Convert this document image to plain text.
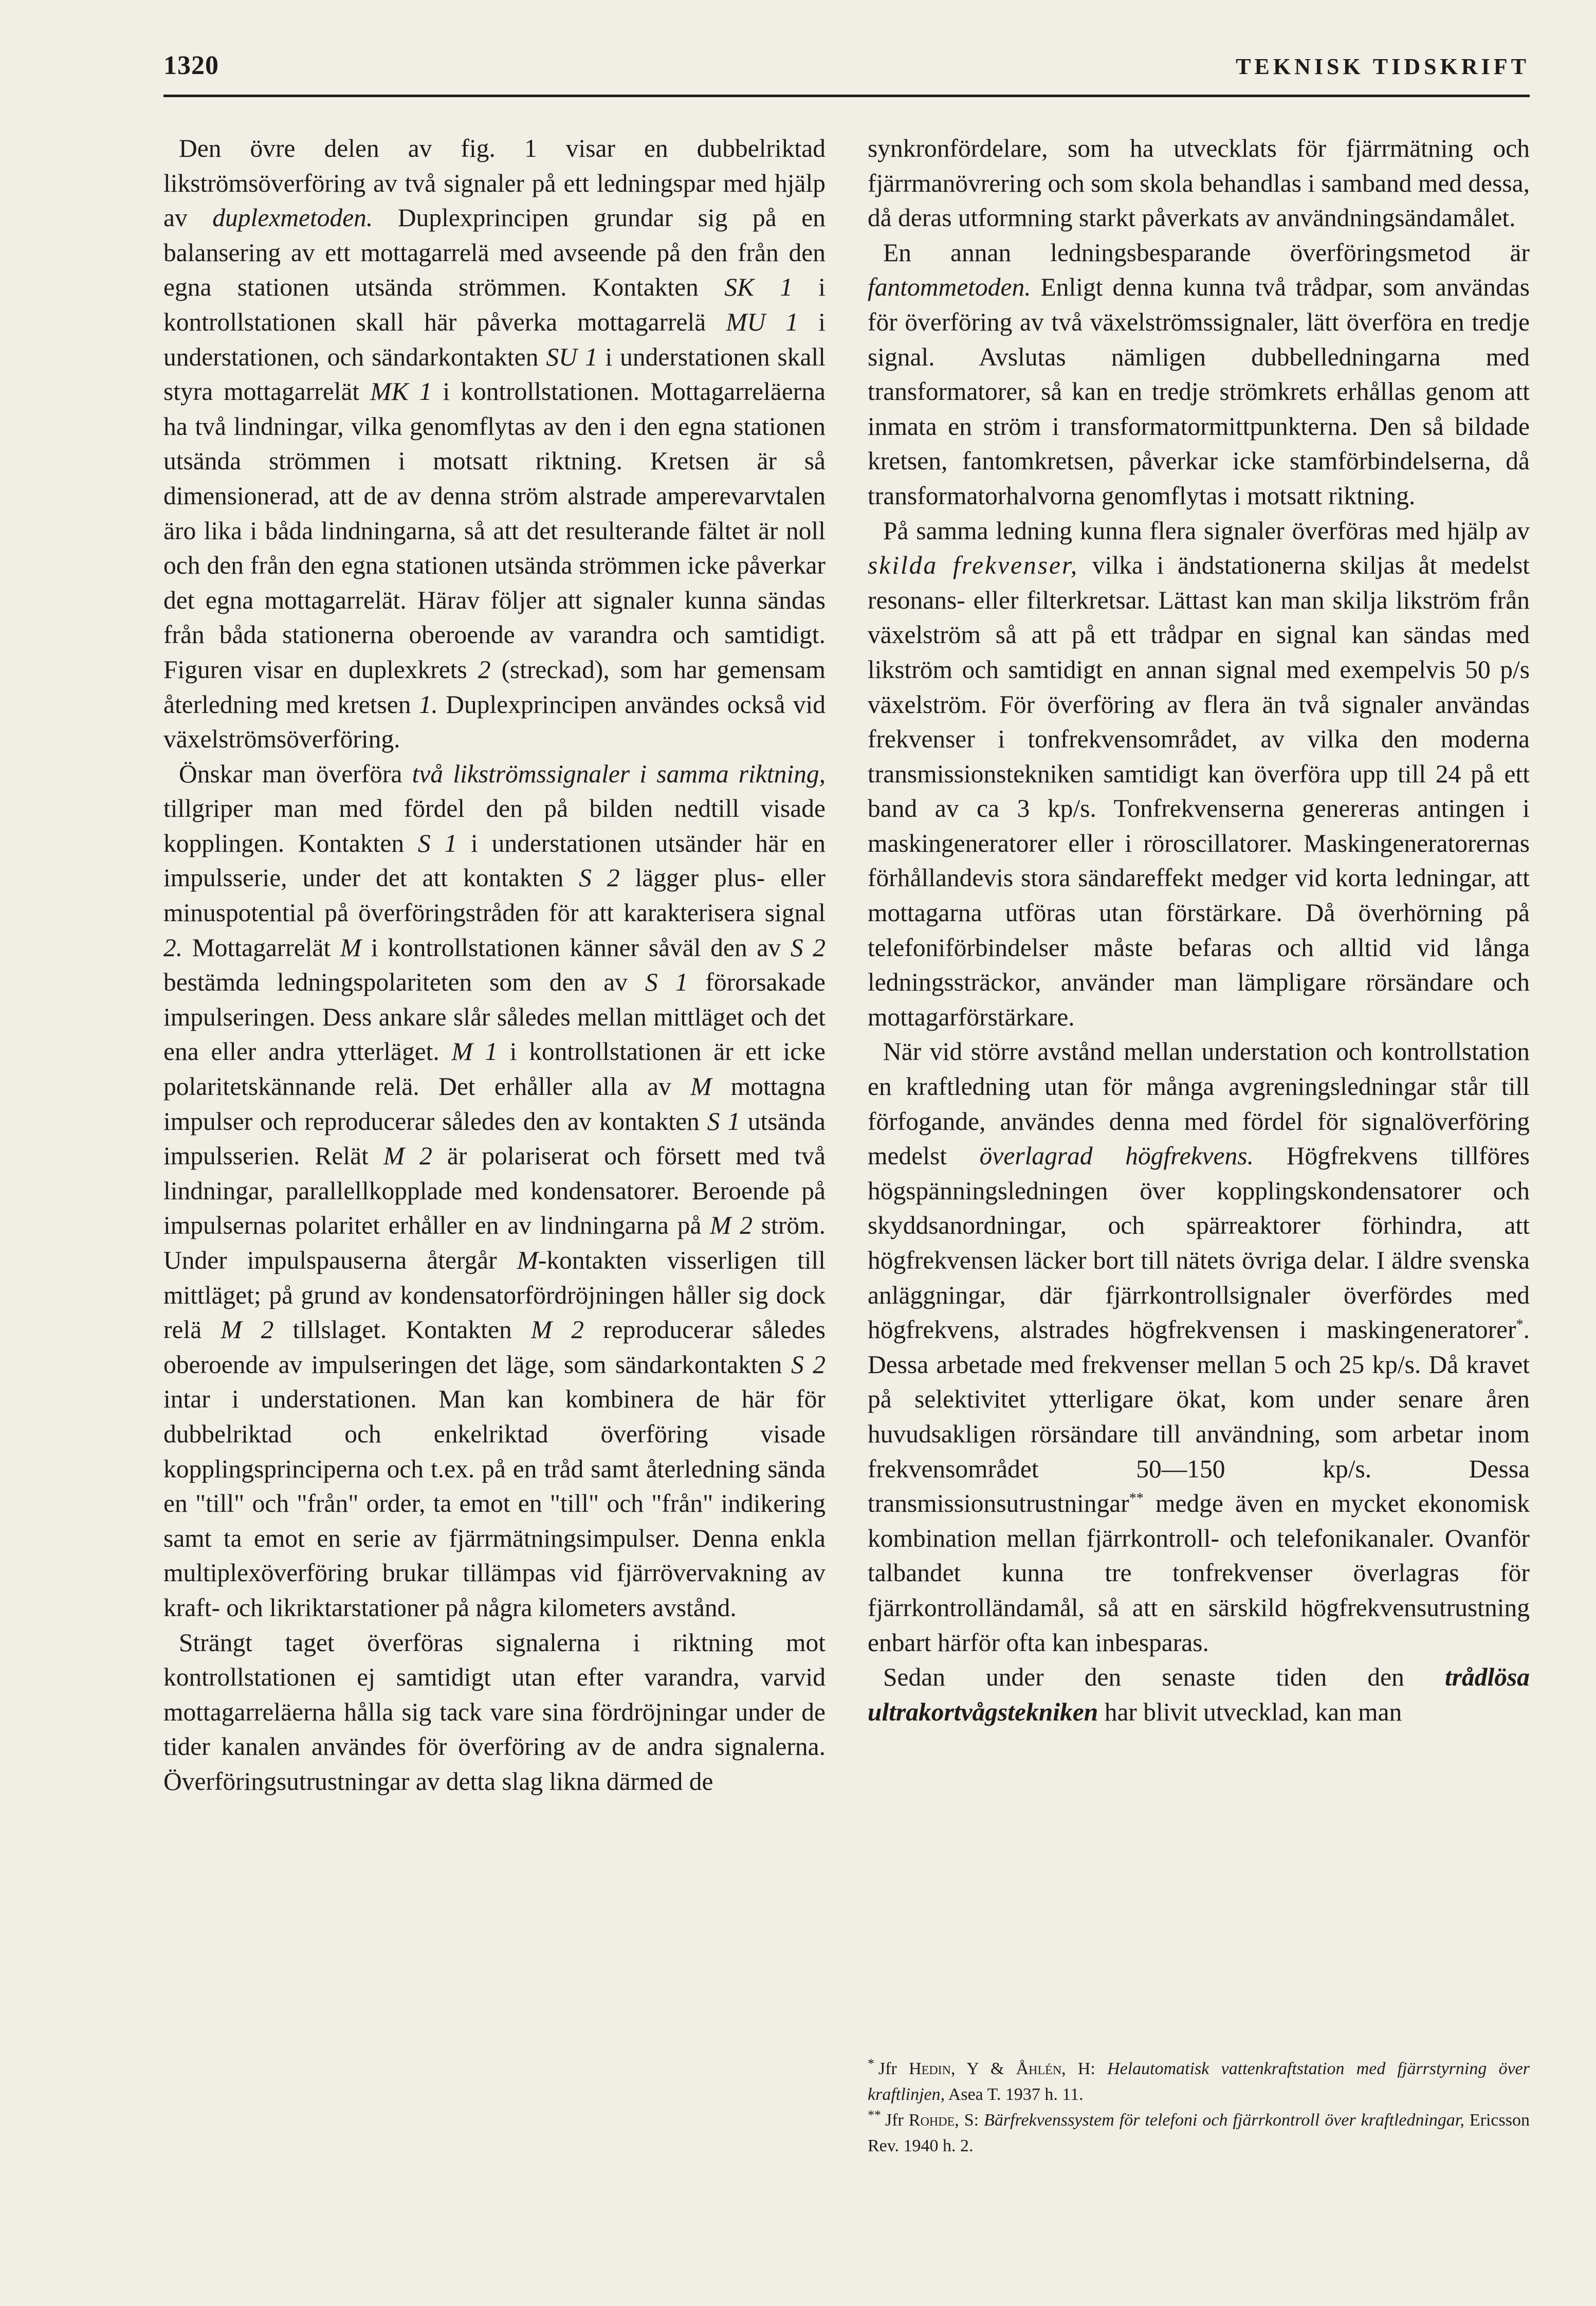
1320	TEKNISK TIDSKRIFT

Den övre delen av fig. 1 visar en dubbelriktad likströmsöverföring av två signaler på ett ledningspar med hjälp av duplexmetoden. Duplexprincipen grundar sig på en balansering av ett mottagarrelä med avseende på den från den egna stationen utsända strömmen. Kontakten SK 1 i kontrollstationen skall här påverka mottagarrelä MU 1 i understationen, och sändarkontakten SU 1 i understationen skall styra mottagarrelät MK 1 i kontrollstationen. Mottagarreläerna ha två lindningar, vilka genomflytas av den i den egna stationen utsända strömmen i motsatt riktning. Kretsen är så dimensionerad, att de av denna ström alstrade amperevarvtalen äro lika i båda lindningarna, så att det resulterande fältet är noll och den från den egna stationen utsända strömmen icke påverkar det egna mottagarrelät. Härav följer att signaler kunna sändas från båda stationerna oberoende av varandra och samtidigt. Figuren visar en duplexkrets 2 (streckad), som har gemensam återledning med kretsen 1. Duplexprincipen användes också vid växelströmsöverföring.

Önskar man överföra två likströmssignaler i samma riktning, tillgriper man med fördel den på bilden nedtill visade kopplingen. Kontakten S 1 i understationen utsänder här en impulsserie, under det att kontakten S 2 lägger plus- eller minuspotential på överföringstråden för att karakterisera signal 2. Mottagarrelät M i kontrollstationen känner såväl den av S 2 bestämda ledningspolariteten som den av S 1 förorsakade impulseringen. Dess ankare slår således mellan mittläget och det ena eller andra ytterläget. M 1 i kontrollstationen är ett icke polaritetskännande relä. Det erhåller alla av M mottagna impulser och reproducerar således den av kontakten S 1 utsända impulsserien. Relät M 2 är polariserat och försett med två lindningar, parallellkopplade med kondensatorer. Beroende på impulsernas polaritet erhåller en av lindningarna på M 2 ström. Under impulspauserna återgår M-kontakten visserligen till mittläget; på grund av kondensatorfördröjningen håller sig dock relä M 2 tillslaget. Kontakten M 2 reproducerar således oberoende av impulseringen det läge, som sändarkontakten S 2 intar i understationen. Man kan kombinera de här för dubbelriktad och enkelriktad överföring visade kopplingsprinciperna och t.ex. på en tråd samt återledning sända en "till" och "från" order, ta emot en "till" och "från" indikering samt ta emot en serie av fjärrmätningsimpulser. Denna enkla multiplexöverföring brukar tillämpas vid fjärrövervakning av kraft- och likriktarstationer på några kilometers avstånd.

Strängt taget överföras signalerna i riktning mot kontrollstationen ej samtidigt utan efter varandra, varvid mottagarreläerna hålla sig tack vare sina fördröjningar under de tider kanalen användes för överföring av de andra signalerna. Överföringsutrustningar av detta slag likna därmed de

synkronfördelare, som ha utvecklats för fjärrmätning och fjärrmanövrering och som skola behandlas i samband med dessa, då deras utformning starkt påverkats av användningsändamålet.

En annan ledningsbesparande överföringsmetod är fantommetoden. Enligt denna kunna två trådpar, som användas för överföring av två växelströmssignaler, lätt överföra en tredje signal. Avslutas nämligen dubbelledningarna med transformatorer, så kan en tredje strömkrets erhållas genom att inmata en ström i transformatormittpunkterna. Den så bildade kretsen, fantomkretsen, påverkar icke stamförbindelserna, då transformatorhalvorna genomflytas i motsatt riktning.

På samma ledning kunna flera signaler överföras med hjälp av skilda frekvenser, vilka i ändstationerna skiljas åt medelst resonans- eller filterkretsar. Lättast kan man skilja likström från växelström så att på ett trådpar en signal kan sändas med likström och samtidigt en annan signal med exempelvis 50 p/s växelström. För överföring av flera än två signaler användas frekvenser i tonfrekvensområdet, av vilka den moderna transmissionstekniken samtidigt kan överföra upp till 24 på ett band av ca 3 kp/s. Tonfrekvenserna genereras antingen i maskingeneratorer eller i röroscillatorer. Maskingeneratorernas förhållandevis stora sändareffekt medger vid korta ledningar, att mottagarna utföras utan förstärkare. Då överhörning på telefoniförbindelser måste befaras och alltid vid långa ledningssträckor, använder man lämpligare rörsändare och mottagarförstärkare.

När vid större avstånd mellan understation och kontrollstation en kraftledning utan för många avgreningsledningar står till förfogande, användes denna med fördel för signalöverföring medelst överlagrad högfrekvens. Högfrekvens tillföres högspänningsledningen över kopplingskondensatorer och skyddsanordningar, och spärreaktorer förhindra, att högfrekvensen läcker bort till nätets övriga delar. I äldre svenska anläggningar, där fjärrkontrollsignaler överfördes med högfrekvens, alstrades högfrekvensen i maskingeneratorer*. Dessa arbetade med frekvenser mellan 5 och 25 kp/s. Då kravet på selektivitet ytterligare ökat, kom under senare åren huvudsakligen rörsändare till användning, som arbetar inom frekvensområdet 50—150 kp/s. Dessa transmissionsutrustningar** medge även en mycket ekonomisk kombination mellan fjärrkontroll- och telefonikanaler. Ovanför talbandet kunna tre tonfrekvenser överlagras för fjärrkontrolländamål, så att en särskild högfrekvensutrustning enbart härför ofta kan inbesparas.

Sedan under den senaste tiden den trådlösa ultrakortvågstekniken har blivit utvecklad, kan man

* Jfr Hedin, Y & Åhlén, H: Helautomatisk vattenkraftstation med fjärrstyrning över kraftlinjen, Asea T. 1937 h. 11.

** Jfr Rohde, S: Bärfrekvenssystem för telefoni och fjärrkontroll över kraftledningar, Ericsson Rev. 1940 h. 2.
